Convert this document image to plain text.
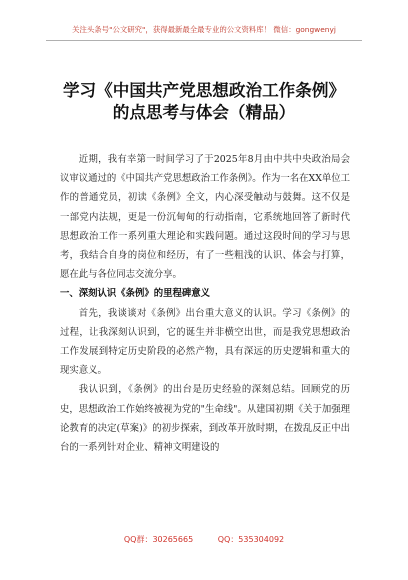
关注头条号"公文研究"，获得最新最全最专业的公文资料库！ 微信：gongwenyj
学习《中国共产党思想政治工作条例》
的点思考与体会（精品）

近期，我有幸第一时间学习了于2025年8月由中共中央政治局会议审议通过的《中国共产党思想政治工作条例》。作为一名在XX单位工作的普通党员，初读《条例》全文，内心深受触动与鼓舞。这不仅是一部党内法规，更是一份沉甸甸的行动指南，它系统地回答了新时代思想政治工作一系列重大理论和实践问题。通过这段时间的学习与思考，我结合自身的岗位和经历，有了一些粗浅的认识、体会与打算，愿在此与各位同志交流分享。

一、深刻认识《条例》的里程碑意义

首先，我谈谈对《条例》出台重大意义的认识。学习《条例》的过程，让我深刻认识到，它的诞生并非横空出世，而是我党思想政治工作发展到特定历史阶段的必然产物，具有深远的历史逻辑和重大的现实意义。

我认识到，《条例》的出台是历史经验的深刻总结。回顾党的历史，思想政治工作始终被视为党的"生命线"。从建国初期《关于加强理论教育的决定(草案)》的初步探索，到改革开放时期，在拨乱反正中出台的一系列针对企业、精神文明建设的

QQ群：30265665	QQ：535304092
